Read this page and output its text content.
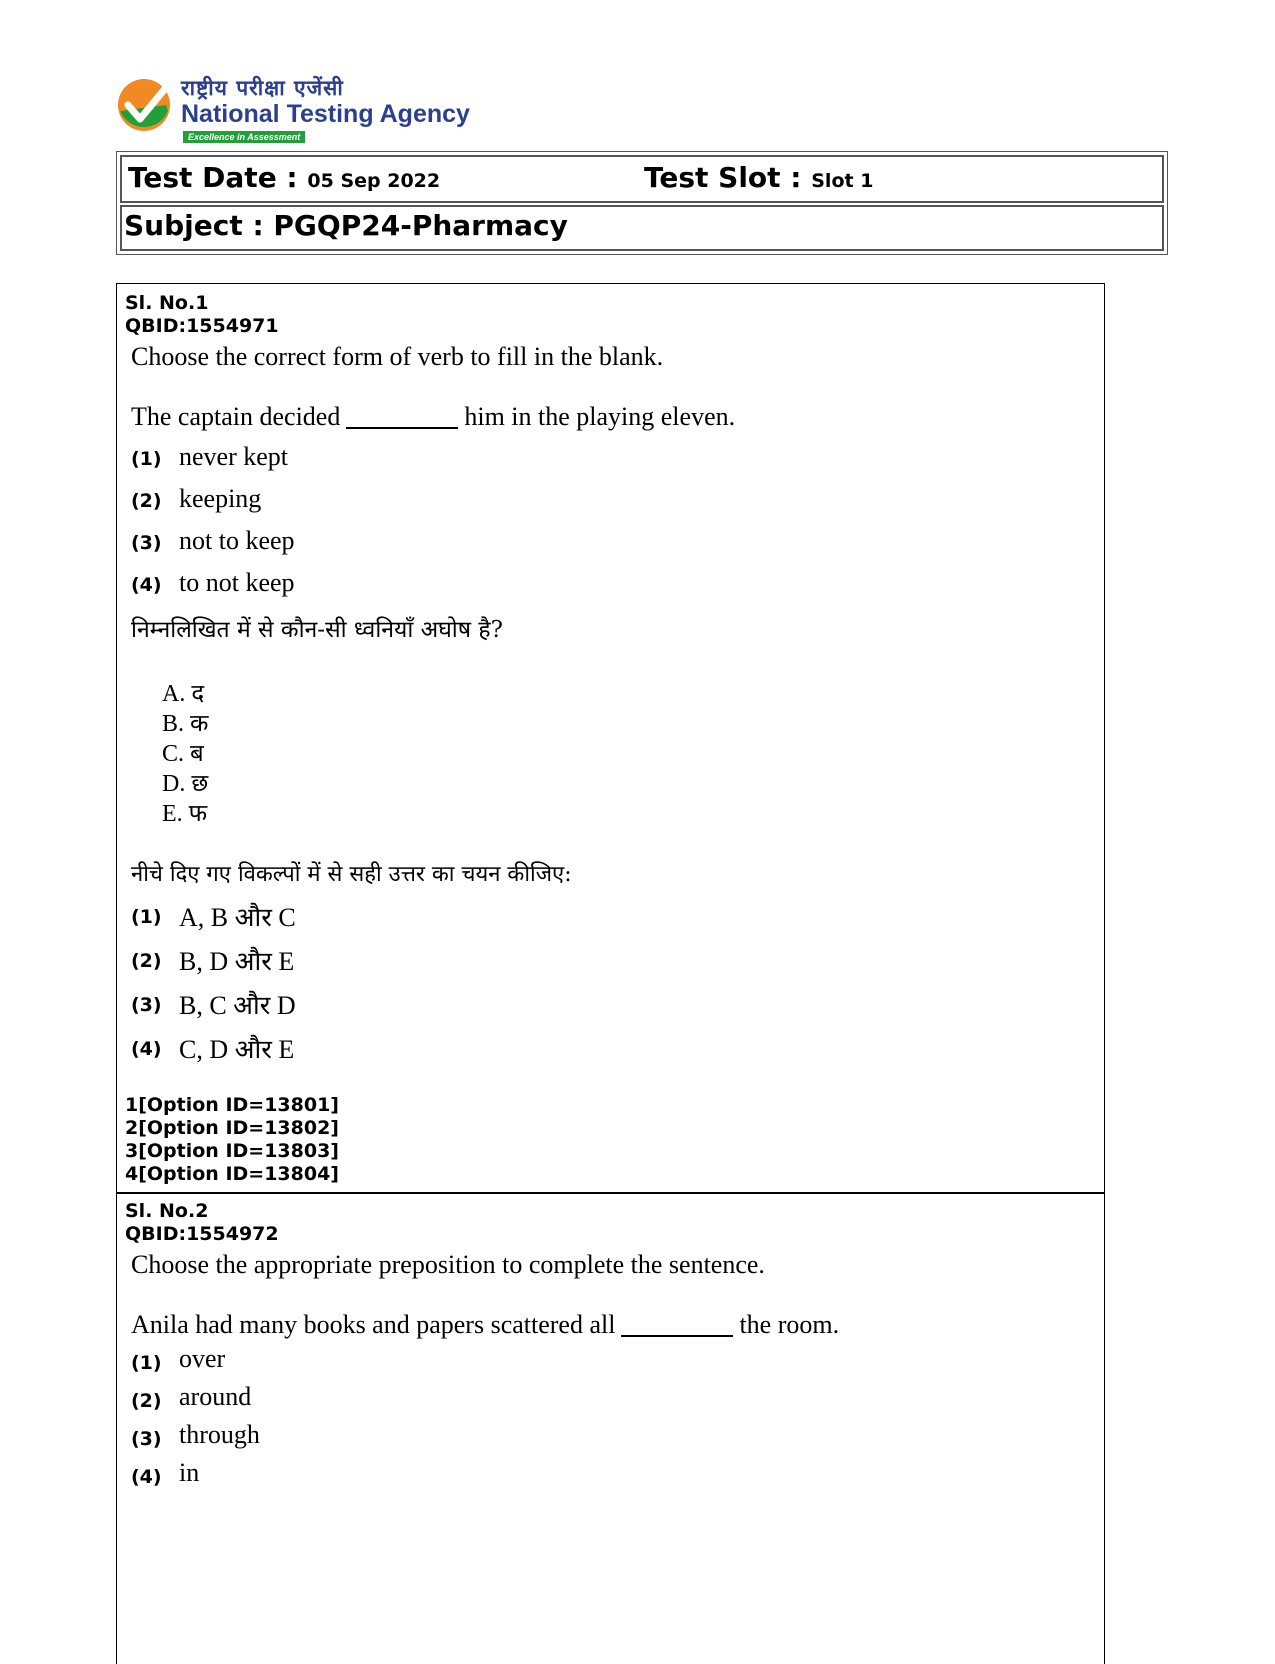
राष्ट्रीय परीक्षा एजेंसी
National Testing Agency
Excellence in Assessment
Test Date : 05 Sep 2022	Test Slot : Slot 1
Subject : PGQP24-Pharmacy
Sl. No.1
QBID:1554971
Choose the correct form of verb to fill in the blank.
The captain decided	him in the playing eleven.
(1) never kept
(2) keeping
(3) not to keep
(4) to not keep
निम्नलिखित में से कौन-सी ध्वनियाँ अघोष है?
A. द
B. क
C. ब
D. छ
E. फ
नीचे दिए गए विकल्पों में से सही उत्तर का चयन कीजिए:
(1) A, B और C
(2) B, D और E
(3) B, C और D
(4) C, D और E
1[Option ID=13801]
2[Option ID=13802]
3[Option ID=13803]
4[Option ID=13804]
Sl. No.2
QBID:1554972
Choose the appropriate preposition to complete the sentence.
Anila had many books and papers scattered all	the room.
(1) over
(2) around
(3) through
(4) in
